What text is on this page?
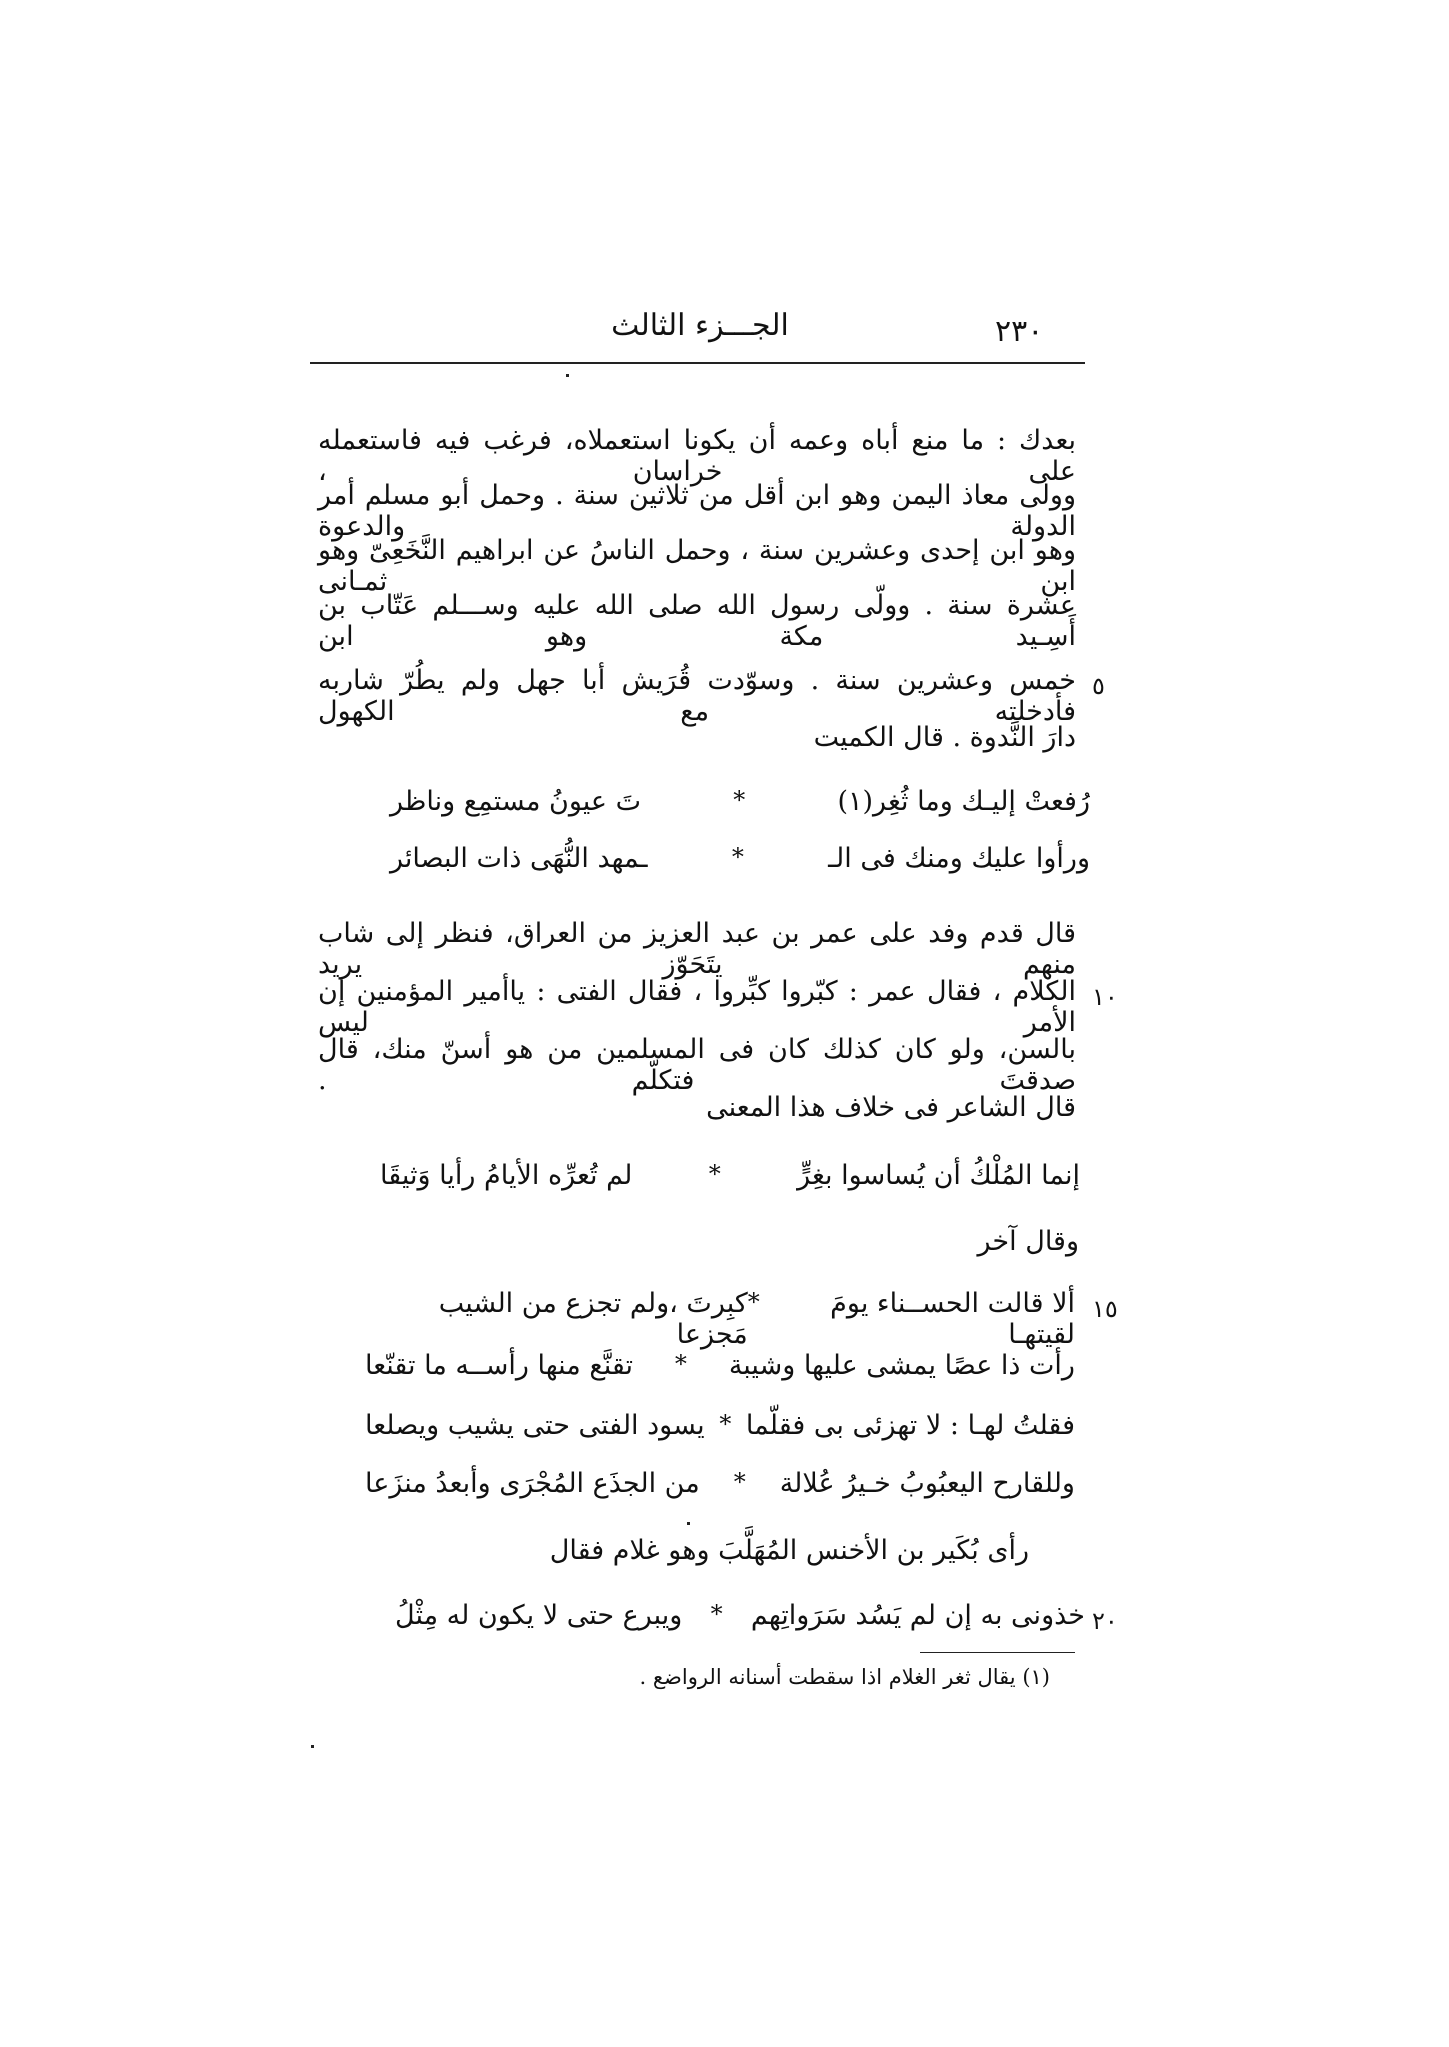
الجـــزء الثالث	٢٣٠
بعدك : ما منع أباه وعمه أن يكونا استعملاه، فرغب فيه فاستعمله على خراسان ،
وولى معاذ اليمن وهو ابن أقل من ثلاثين سنة . وحمل أبو مسلم أمر الدولة والدعوة
وهو ابن إحدى وعشرين سنة ، وحمل الناسُ عن ابراهيم النَّخَعِىّ وهو ابن ثمـانى
عشرة سنة . وولّى رسول الله صلى الله عليه وســـلم عَتّاب بن أَسِـيد مكة وهو ابن
خمس وعشرين سنة . وسوّدت قُرَيش أبا جهل ولم يطُرّ شاربه فأدخلته مع الكهول
٥
دارَ النَّدوة . قال الكميت
رُفعتْ إليـك وما ثُغِر(١)
*
تَ عيونُ مستمِع وناظر
ورأوا عليك ومنك فى الـ
*
ـمهد النُّهَى ذات البصائر
قال قدم وفد على عمر بن عبد العزيز من العراق، فنظر إلى شاب منهم يتَحَوّز يريد
الكلام ، فقال عمر : كبّروا كبِّروا ، فقال الفتى : ياأمير المؤمنين إن الأمر ليس
١٠
بالسن، ولو كان كذلك كان فى المسلمين من هو أسنّ منك، قال صدقتَ فتكلّم .
قال الشاعر فى خلاف هذا المعنى
إنما المُلْكُ أن يُساسوا بغِرٍّ
*
لم تُعرِّه الأيامُ رأيا وَثيقَا
وقال آخر
ألا قالت الحســناء يومَ لقيتهـا
*
كبِرتَ ،ولم تجزع من الشيب مَجزعا
١٥
رأت ذا عصًا يمشى عليها وشيبة
*
تقنَّع منها رأســه ما تقنّعا
فقلتُ لهـا : لا تهزئى بى فقلّما
*
يسود الفتى حتى يشيب ويصلعا
وللقارح اليعبُوبُ خـيرُ عُلالة
*
من الجذَع المُجْرَى وأبعدُ منزَعا
رأى بُكَير بن الأخنس المُهَلَّبَ وهو غلام فقال
خذونى به إن لم يَسُد سَرَواتِهم
*
ويبرع حتى لا يكون له مِثْلُ	٢٠
(١) يقال ثغر الغلام اذا سقطت أسنانه الرواضع .
